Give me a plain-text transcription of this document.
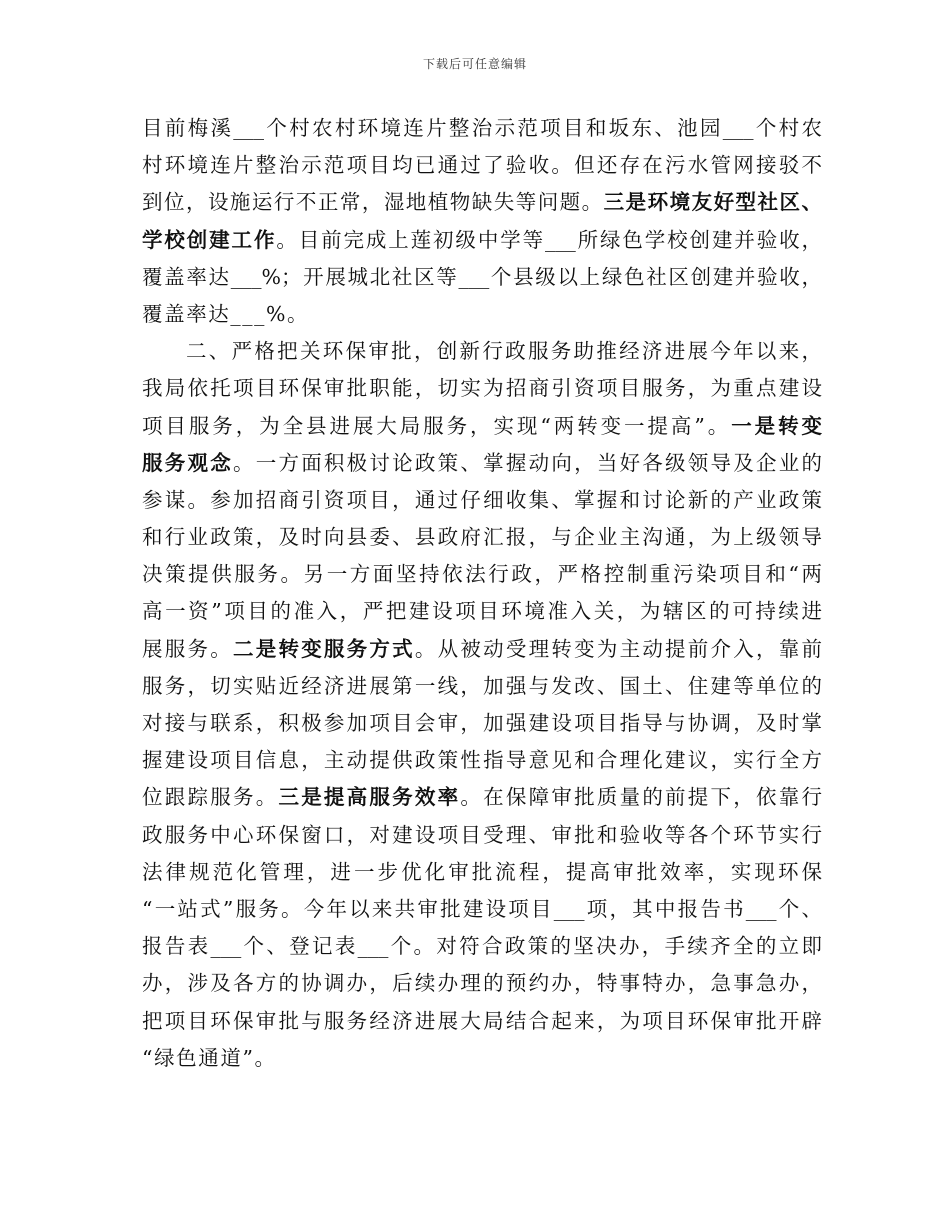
下载后可任意编辑
目前梅溪___个村农村环境连片整治示范项目和坂东、池园___个村农
村环境连片整治示范项目均已通过了验收。但还存在污水管网接驳不
到位，设施运行不正常，湿地植物缺失等问题。三是环境友好型社区、
学校创建工作。目前完成上莲初级中学等___所绿色学校创建并验收，
覆盖率达___%；开展城北社区等___个县级以上绿色社区创建并验收，
覆盖率达___%。
二、严格把关环保审批，创新行政服务助推经济进展今年以来，
我局依托项目环保审批职能，切实为招商引资项目服务，为重点建设
项目服务，为全县进展大局服务，实现“两转变一提高”。一是转变
服务观念。一方面积极讨论政策、掌握动向，当好各级领导及企业的
参谋。参加招商引资项目，通过仔细收集、掌握和讨论新的产业政策
和行业政策，及时向县委、县政府汇报，与企业主沟通，为上级领导
决策提供服务。另一方面坚持依法行政，严格控制重污染项目和“两
高一资”项目的准入，严把建设项目环境准入关，为辖区的可持续进
展服务。二是转变服务方式。从被动受理转变为主动提前介入，靠前
服务，切实贴近经济进展第一线，加强与发改、国土、住建等单位的
对接与联系，积极参加项目会审，加强建设项目指导与协调，及时掌
握建设项目信息，主动提供政策性指导意见和合理化建议，实行全方
位跟踪服务。三是提高服务效率。在保障审批质量的前提下，依靠行
政服务中心环保窗口，对建设项目受理、审批和验收等各个环节实行
法律规范化管理，进一步优化审批流程，提高审批效率，实现环保
“一站式”服务。今年以来共审批建设项目___项，其中报告书___个、
报告表___个、登记表___个。对符合政策的坚决办，手续齐全的立即
办，涉及各方的协调办，后续办理的预约办，特事特办，急事急办，
把项目环保审批与服务经济进展大局结合起来，为项目环保审批开辟
“绿色通道”。
